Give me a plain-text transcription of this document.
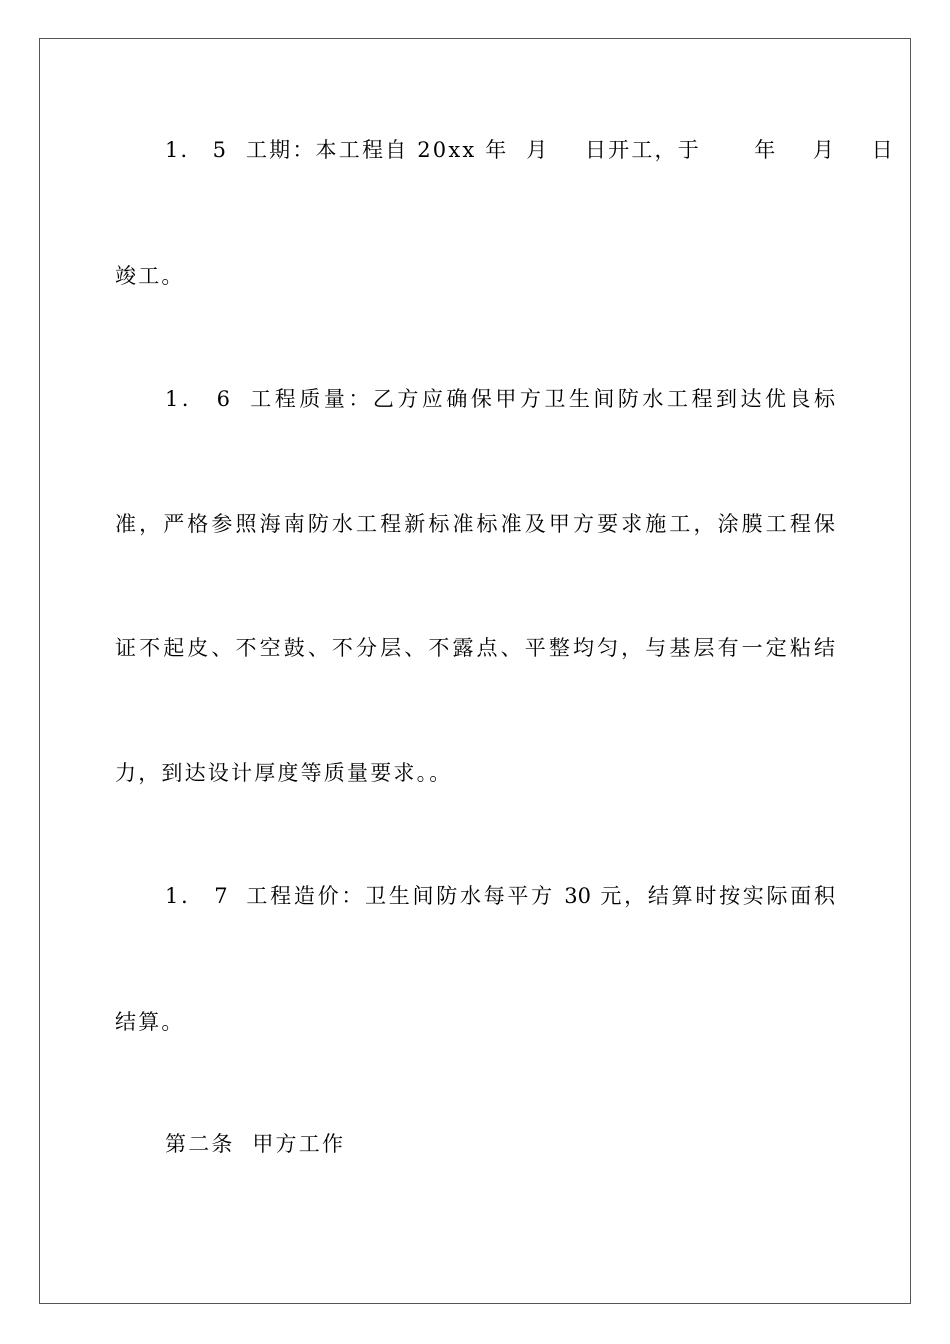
1． 5  工期：本工程自 20xx 年  月    日开工，于      年    月    日
竣工。
1． 6  工程质量：乙方应确保甲方卫生间防水工程到达优良标
准，严格参照海南防水工程新标准标准及甲方要求施工，涂膜工程保
证不起皮、不空鼓、不分层、不露点、平整均匀，与基层有一定粘结
力，到达设计厚度等质量要求。。
1． 7  工程造价：卫生间防水每平方 30 元，结算时按实际面积
结算。
第二条  甲方工作
